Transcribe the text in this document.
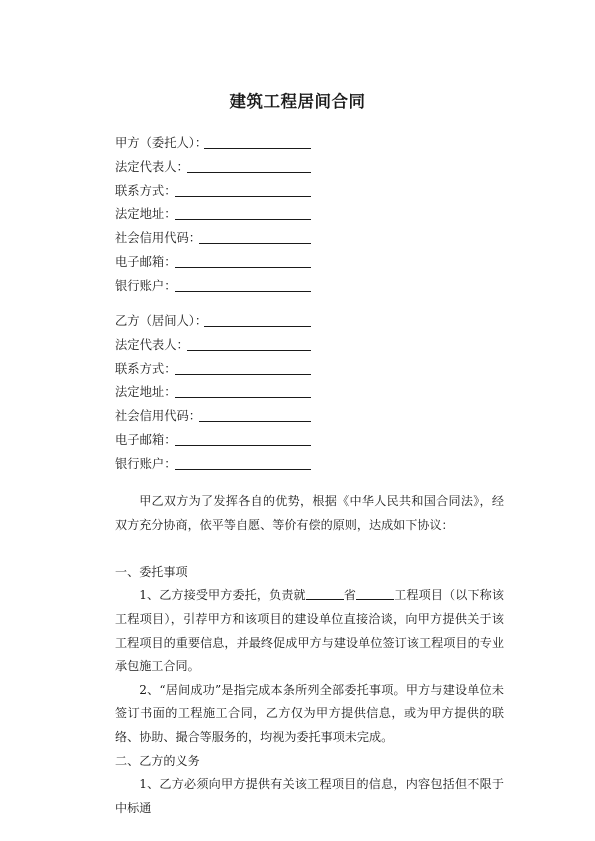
建筑工程居间合同
甲方（委托人）：
法定代表人：
联系方式：
法定地址：
社会信用代码：
电子邮箱：
银行账户：
乙方（居间人）：
法定代表人：
联系方式：
法定地址：
社会信用代码：
电子邮箱：
银行账户：

甲乙双方为了发挥各自的优势，根据《中华人民共和国合同法》，经双方充分协商，依平等自愿、等价有偿的原则，达成如下协议：

一、委托事项

1、乙方接受甲方委托，负责就	省	工程项目（以下称该工程项目），引荐甲方和该项目的建设单位直接洽谈，向甲方提供关于该工程项目的重要信息，并最终促成甲方与建设单位签订该工程项目的专业承包施工合同。

2、“居间成功”是指完成本条所列全部委托事项。甲方与建设单位未签订书面的工程施工合同，乙方仅为甲方提供信息，或为甲方提供的联络、协助、撮合等服务的，均视为委托事项未完成。

二、乙方的义务

1、乙方必须向甲方提供有关该工程项目的信息，内容包括但不限于中标通
